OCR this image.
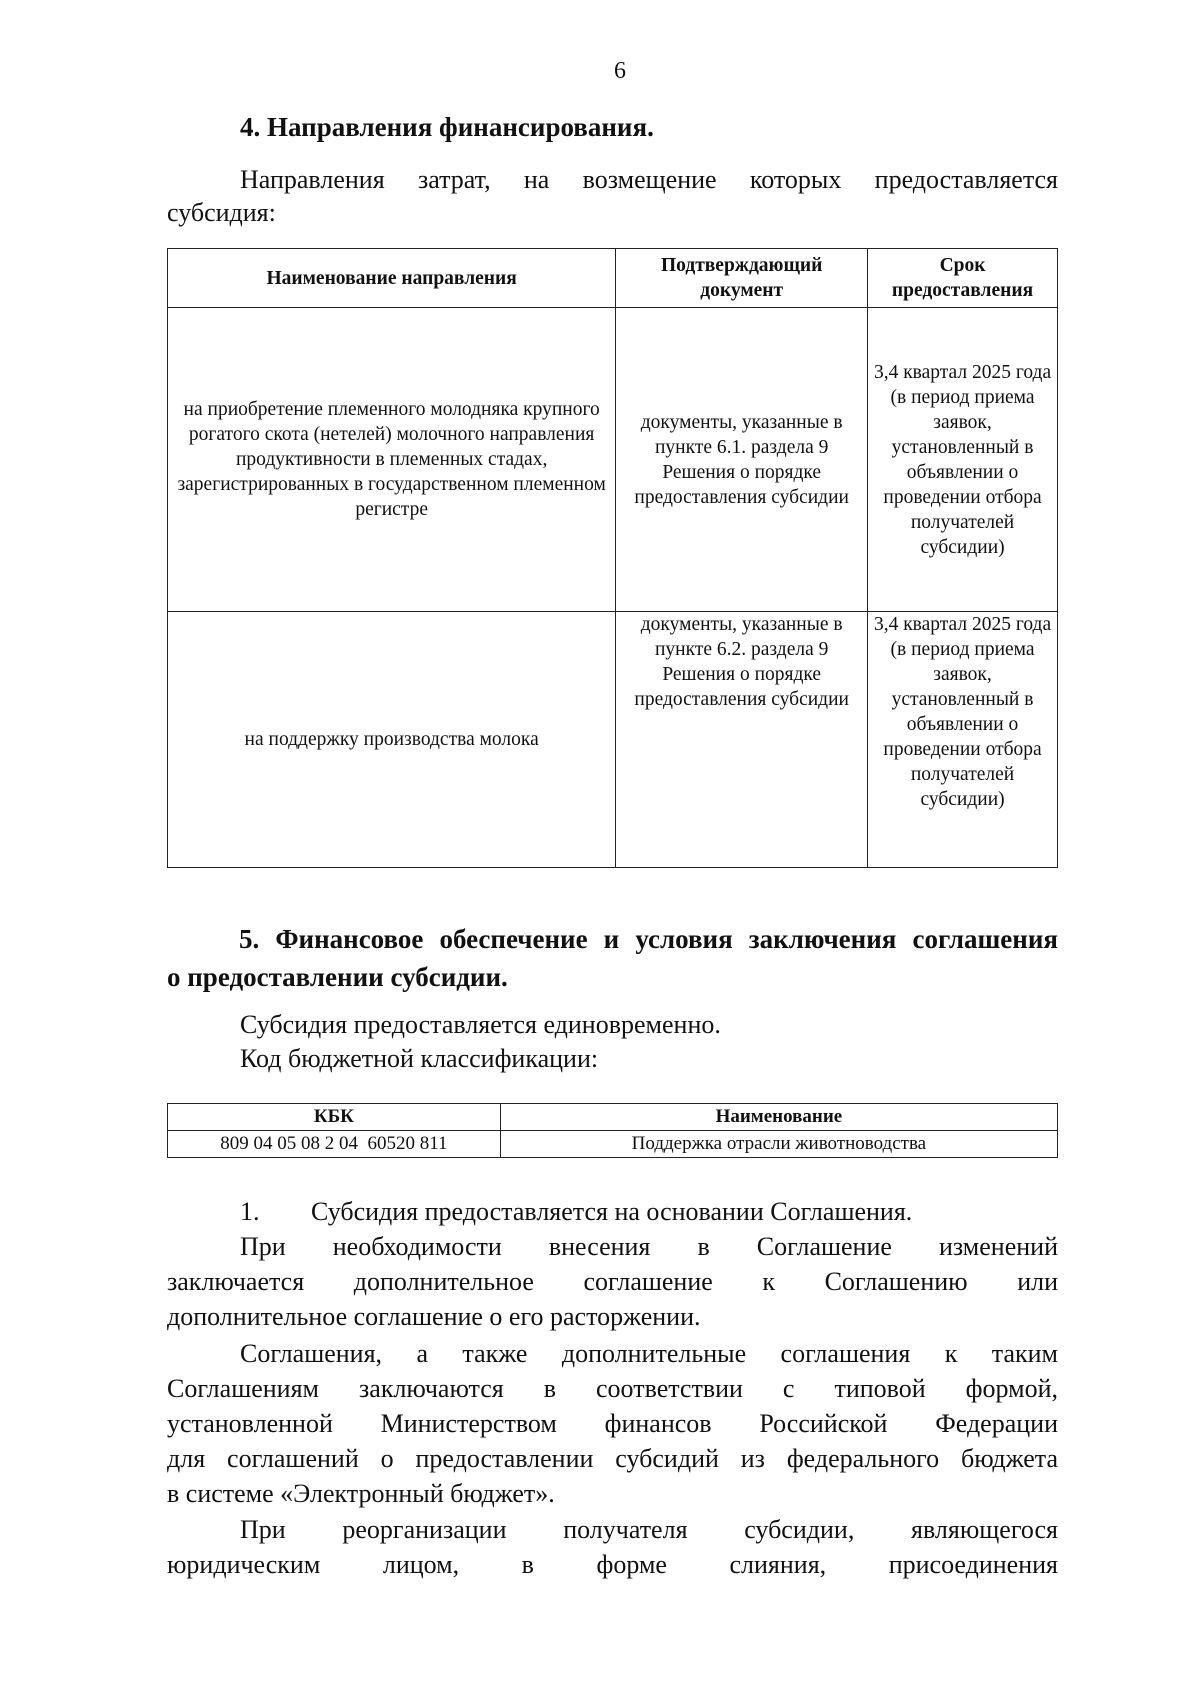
6
4. Направления финансирования.

Направления затрат, на возмещение которых предоставляется

субсидия:

Наименование направления	Подтверждающий документ	Срок предоставления
на приобретение племенного молодняка крупного рогатого скота (нетелей) молочного направления продуктивности в племенных стадах, зарегистрированных в государственном племенном регистре	документы, указанные в пункте 6.1. раздела 9 Решения о порядке предоставления субсидии	3,4 квартал 2025 года (в период приема заявок, установленный в объявлении о проведении отбора получателей субсидии)
на поддержку производства молока	документы, указанные в пункте 6.2. раздела 9 Решения о порядке предоставления субсидии	3,4 квартал 2025 года (в период приема заявок, установленный в объявлении о проведении отбора получателей субсидии)
5. Финансовое обеспечение и условия заключения соглашения
о предоставлении субсидии.

Субсидия предоставляется единовременно.

Код бюджетной классификации:

КБК	Наименование
809 04 05 08 2 04  60520 811	Поддержка отрасли животноводства
1. Субсидия предоставляется на основании Соглашения.

При необходимости внесения в Соглашение изменений

заключается дополнительное соглашение к Соглашению или

дополнительное соглашение о его расторжении.

Соглашения, а также дополнительные соглашения к таким

Соглашениям заключаются в соответствии с типовой формой,

установленной Министерством финансов Российской Федерации

для соглашений о предоставлении субсидий из федерального бюджета

в системе «Электронный бюджет».

При реорганизации получателя субсидии, являющегося

юридическим лицом, в форме слияния, присоединения
